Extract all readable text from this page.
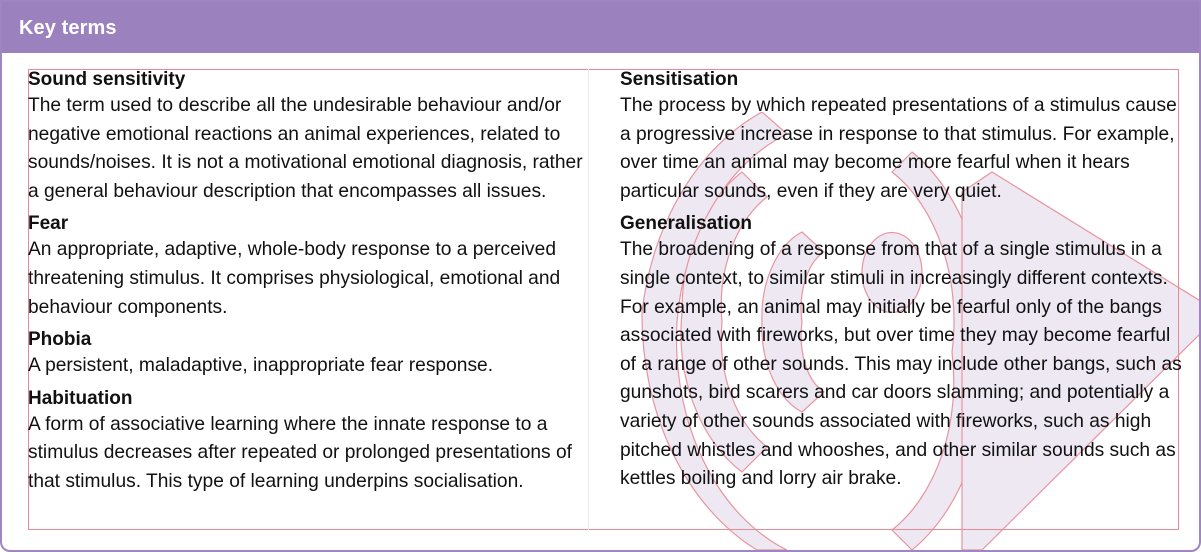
Key terms
Sound sensitivity
The term used to describe all the undesirable behaviour and/or negative emotional reactions an animal experiences, related to sounds/noises. It is not a motivational emotional diagnosis, rather a general behaviour description that encompasses all issues.
Fear
An appropriate, adaptive, whole-body response to a perceived threatening stimulus. It comprises physiological, emotional and behaviour components.
Phobia
A persistent, maladaptive, inappropriate fear response.
Habituation
A form of associative learning where the innate response to a stimulus decreases after repeated or prolonged presentations of that stimulus. This type of learning underpins socialisation.
Sensitisation
The process by which repeated presentations of a stimulus cause a progressive increase in response to that stimulus. For example, over time an animal may become more fearful when it hears particular sounds, even if they are very quiet.
Generalisation
The broadening of a response from that of a single stimulus in a single context, to similar stimuli in increasingly different contexts. For example, an animal may initially be fearful only of the bangs associated with fireworks, but over time they may become fearful of a range of other sounds. This may include other bangs, such as gunshots, bird scarers and car doors slamming; and potentially a variety of other sounds associated with fireworks, such as high pitched whistles and whooshes, and other similar sounds such as kettles boiling and lorry air brake.
